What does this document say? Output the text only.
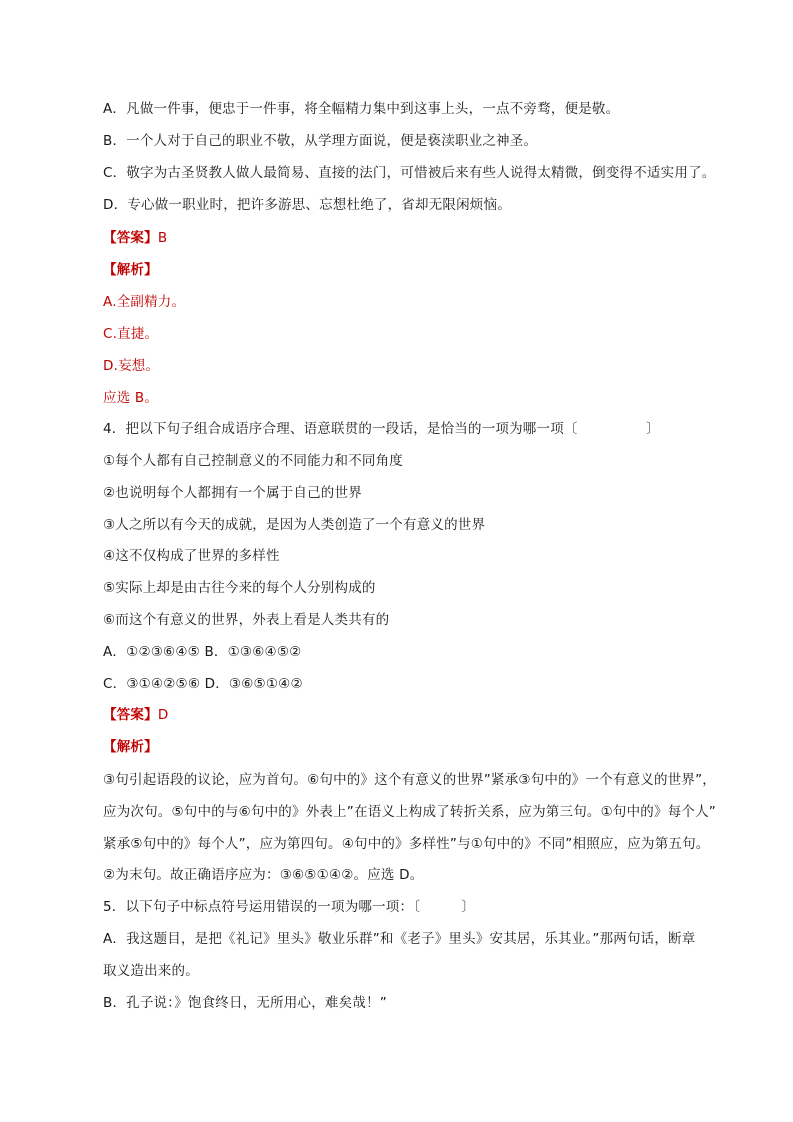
A．凡做一件事，便忠于一件事，将全幅精力集中到这事上头，一点不旁骛，便是敬。
B．一个人对于自己的职业不敬，从学理方面说，便是亵渎职业之神圣。
C．敬字为古圣贤教人做人最简易、直接的法门，可惜被后来有些人说得太精微，倒变得不适实用了。
D．专心做一职业时，把许多游思、忘想杜绝了，省却无限闲烦恼。
【答案】B
【解析】
A.全副精力。
C.直捷。
D.妄想。
应选 B。
4．把以下句子组合成语序合理、语意联贯的一段话，是恰当的一项为哪一项〔　　　　　〕
①每个人都有自己控制意义的不同能力和不同角度
②也说明每个人都拥有一个属于自己的世界
③人之所以有今天的成就，是因为人类创造了一个有意义的世界
④这不仅构成了世界的多样性
⑤实际上却是由古往今来的每个人分别构成的
⑥而这个有意义的世界，外表上看是人类共有的
A．①②③⑥④⑤ B．①③⑥④⑤②
C．③①④②⑤⑥ D．③⑥⑤①④②
【答案】D
【解析】
③句引起语段的议论，应为首句。⑥句中的》这个有意义的世界”紧承③句中的》一个有意义的世界”，
应为次句。⑤句中的与⑥句中的》外表上”在语义上构成了转折关系，应为第三句。①句中的》每个人”
紧承⑤句中的》每个人”，应为第四句。④句中的》多样性”与①句中的》不同”相照应，应为第五句。
②为末句。故正确语序应为：③⑥⑤①④②。应选 D。
5．以下句子中标点符号运用错误的一项为哪一项：〔　　　〕
A．我这题目，是把《礼记》里头》敬业乐群”和《老子》里头》安其居，乐其业。”那两句话，断章
取义造出来的。
B．孔子说：》饱食终日，无所用心，难矣哉！”
